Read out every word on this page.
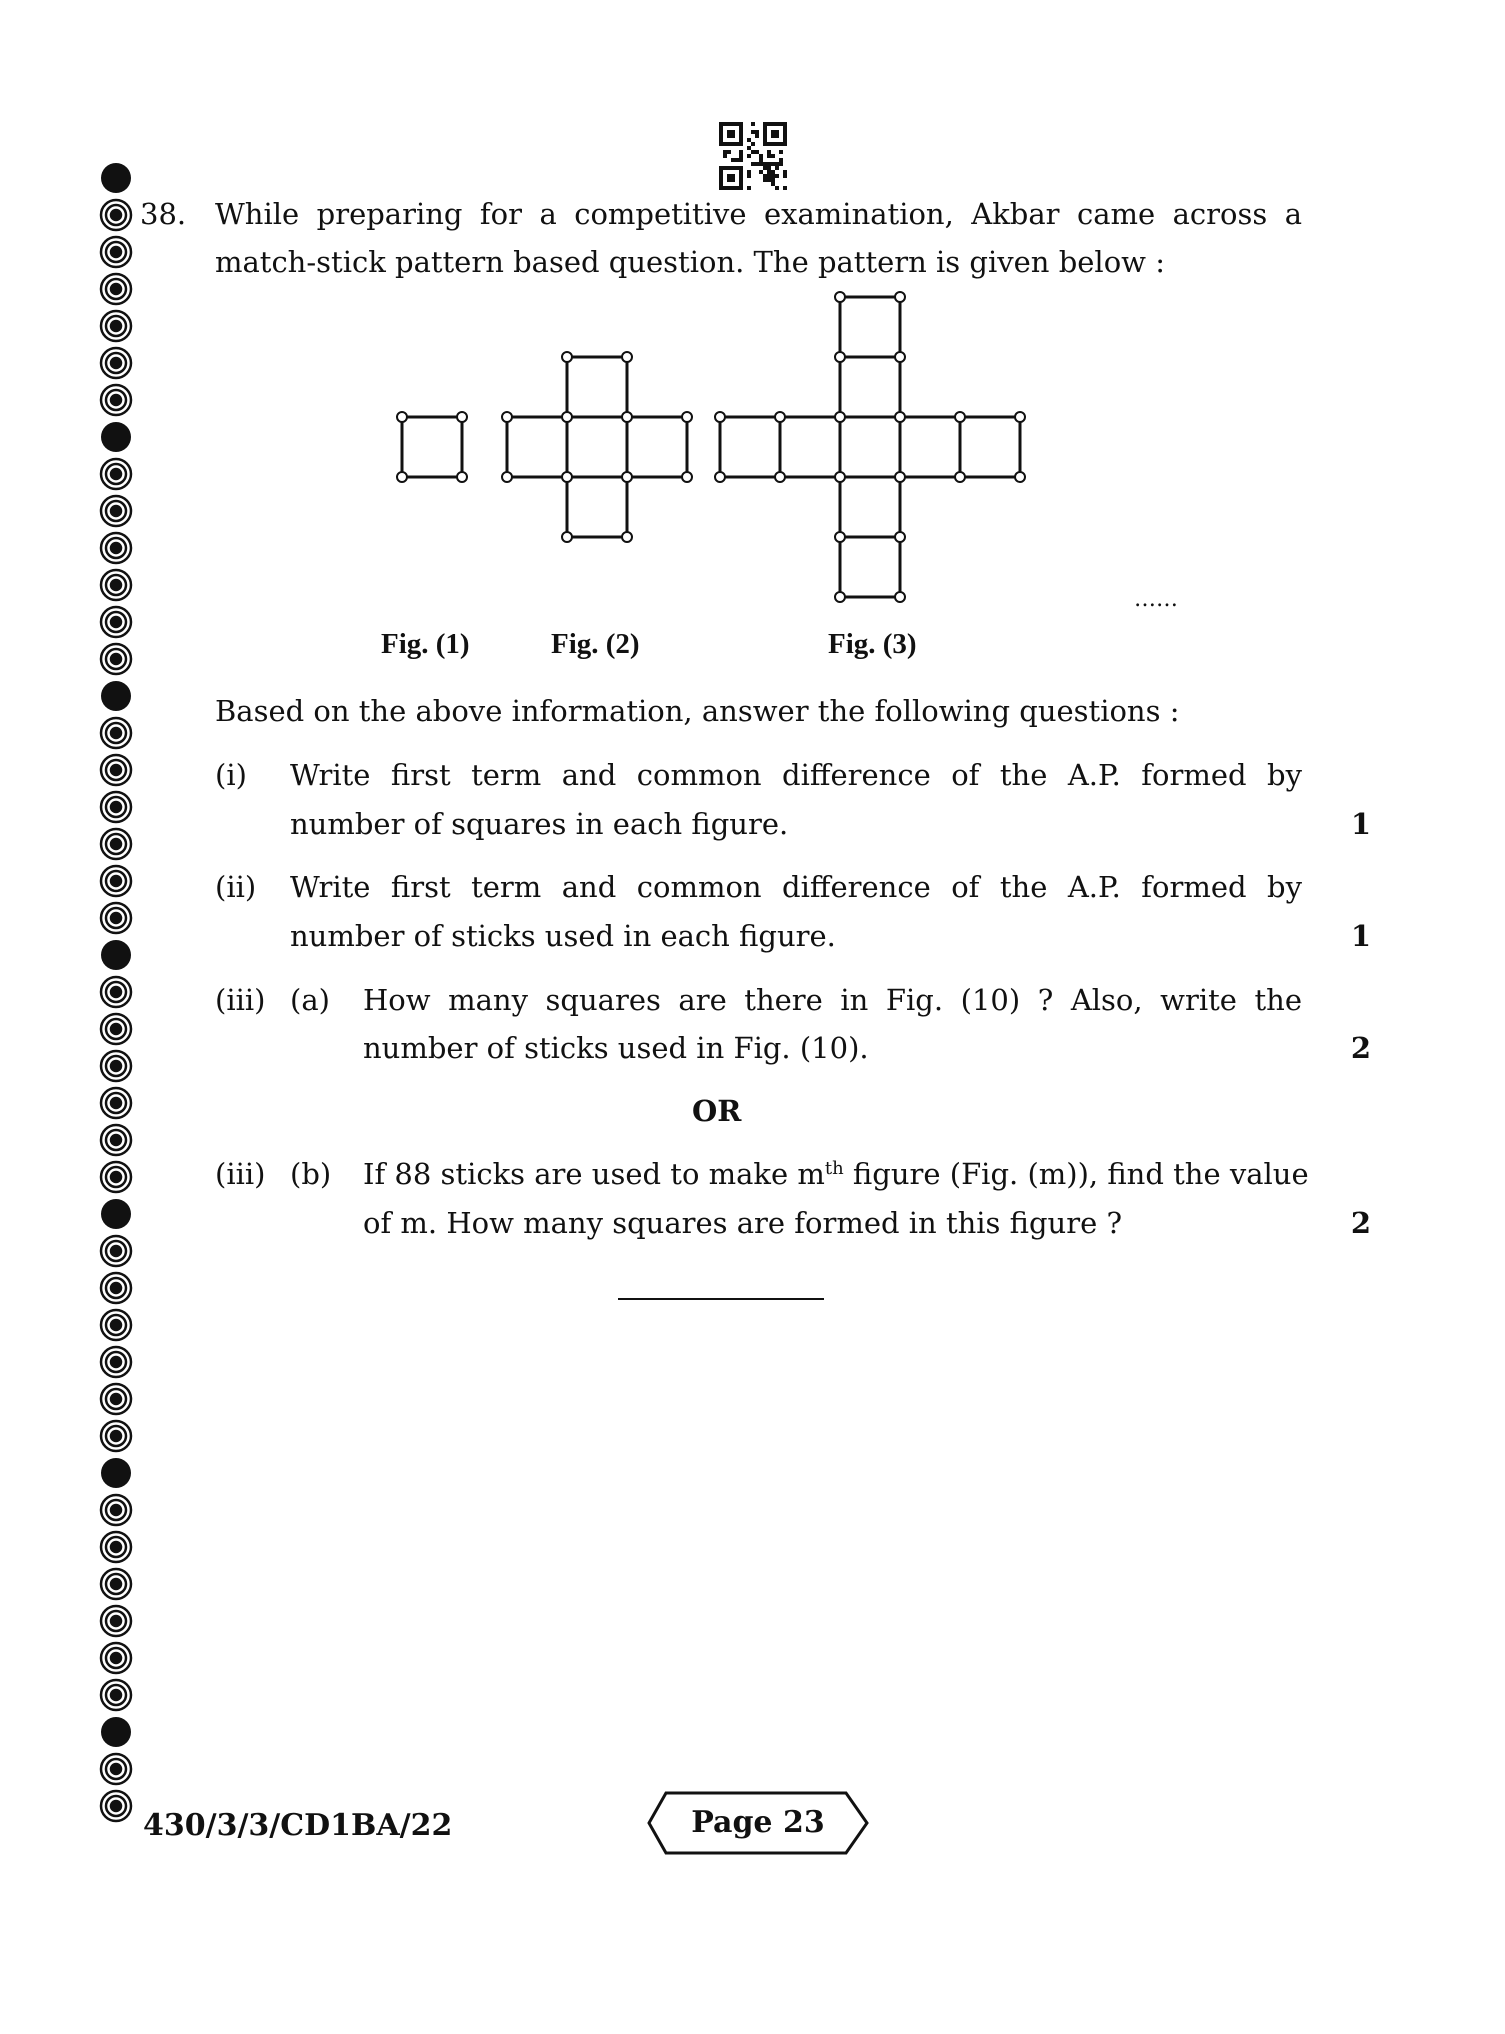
38. While preparing for a competitive examination, Akbar came across a
match-stick pattern based question. The pattern is given below :
Fig. (1)	Fig. (2)	Fig. (3)
……
Based on the above information, answer the following questions :
(i) Write first term and common difference of the A.P. formed by
number of squares in each figure.	1
(ii) Write first term and common difference of the A.P. formed by
number of sticks used in each figure.	1
(iii) (a) How many squares are there in Fig. (10) ? Also, write the
number of sticks used in Fig. (10).	2
OR
(iii) (b) If 88 sticks are used to make $m^{th}$ figure (Fig. (m)), find the value
of m. How many squares are formed in this figure ?	2
430/3/3/CD1BA/22	Page 23
